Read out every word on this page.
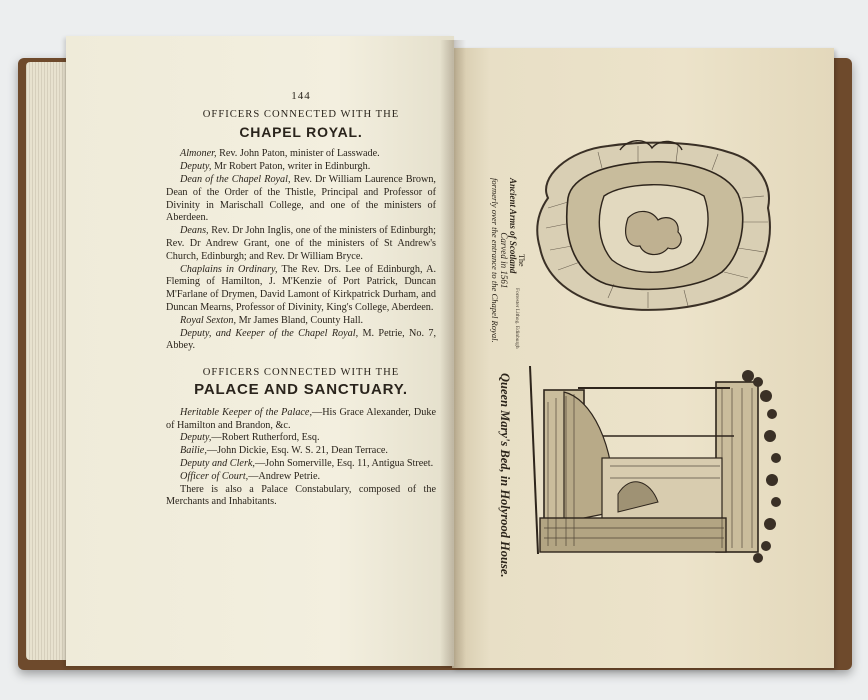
144
OFFICERS CONNECTED WITH THE
CHAPEL ROYAL.

Almoner, Rev. John Paton, minister of Lasswade.

Deputy, Mr Robert Paton, writer in Edinburgh.

Dean of the Chapel Royal, Rev. Dr William Laurence Brown, Dean of the Order of the Thistle, Principal and Professor of Divinity in Marischall College, and one of the ministers of Aberdeen.

Deans, Rev. Dr John Inglis, one of the ministers of Edinburgh; Rev. Dr Andrew Grant, one of the ministers of St Andrew's Church, Edinburgh; and Rev. Dr William Bryce.

Chaplains in Ordinary, The Rev. Drs. Lee of Edinburgh, A. Fleming of Hamilton, J. M'Kenzie of Port Patrick, Duncan M'Farlane of Drymen, David Lamont of Kirkpatrick Durham, and Duncan Mearns, Professor of Divinity, King's College, Aberdeen.

Royal Sexton, Mr James Bland, County Hall.

Deputy, and Keeper of the Chapel Royal, M. Petrie, No. 7, Abbey.

OFFICERS CONNECTED WITH THE
PALACE AND SANCTUARY.

Heritable Keeper of the Palace,—His Grace Alexander, Duke of Hamilton and Brandon, &c.

Deputy,—Robert Rutherford, Esq.

Bailie,—John Dickie, Esq. W. S. 21, Dean Terrace.

Deputy and Clerk,—John Somerville, Esq. 11, Antigua Street.

Officer of Court,—Andrew Petrie.

There is also a Palace Constabulary, composed of the Merchants and Inhabitants.

The
Ancient Arms of Scotland
Carved in 1561
formerly over the entrance to the Chapel Royal.	Forrester Lithog. Edinburgh
Queen Mary's Bed, in Holyrood House.
